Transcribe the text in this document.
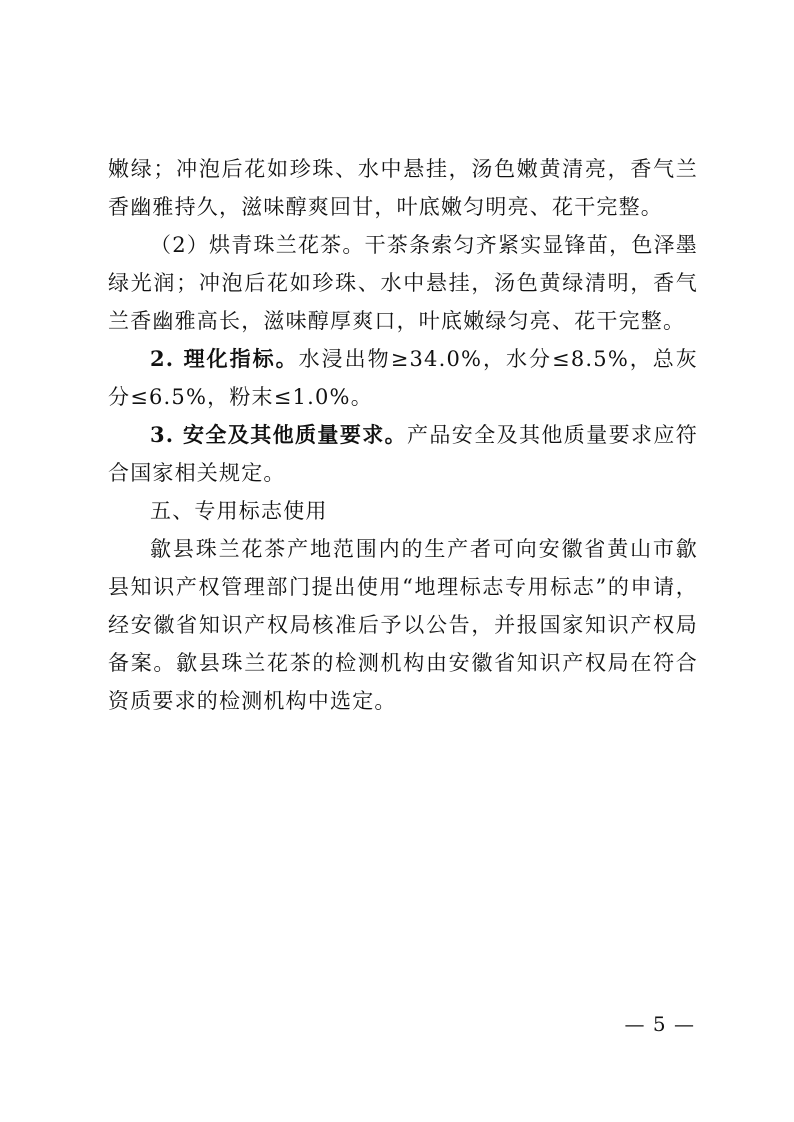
嫩绿；冲泡后花如珍珠、水中悬挂，汤色嫩黄清亮，香气兰香幽雅持久，滋味醇爽回甘，叶底嫩匀明亮、花干完整。

（2）烘青珠兰花茶。干茶条索匀齐紧实显锋苗，色泽墨绿光润；冲泡后花如珍珠、水中悬挂，汤色黄绿清明，香气兰香幽雅高长，滋味醇厚爽口，叶底嫩绿匀亮、花干完整。

2. 理化指标。水浸出物≥34.0%，水分≤8.5%，总灰分≤6.5%，粉末≤1.0%。

3. 安全及其他质量要求。产品安全及其他质量要求应符合国家相关规定。

五、专用标志使用

歙县珠兰花茶产地范围内的生产者可向安徽省黄山市歙县知识产权管理部门提出使用“地理标志专用标志”的申请，经安徽省知识产权局核准后予以公告，并报国家知识产权局备案。歙县珠兰花茶的检测机构由安徽省知识产权局在符合资质要求的检测机构中选定。

— 5 —
